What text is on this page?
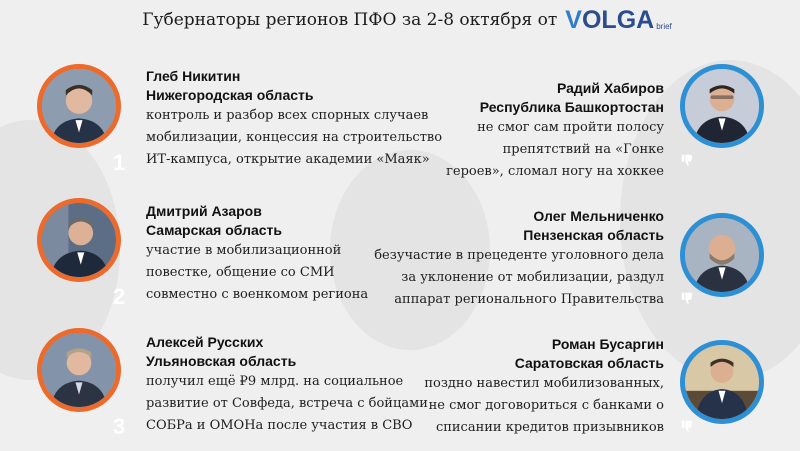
Губернаторы регионов ПФО за 2-8 октября от VOLGA brief
1
2
3
Глеб Никитин
Нижегородская область
контроль и разбор всех спорных случаев
мобилизации, концессия на строительство
ИТ-кампуса, открытие академии «Маяк»
Дмитрий Азаров
Самарская область
участие в мобилизационной
повестке, общение со СМИ
совместно с военкомом региона
Алексей Русских
Ульяновская область
получил ещё ₽9 млрд. на социальное
развитие от Совфеда, встреча с бойцами
СОБРа и ОМОНа после участия в СВО
Радий Хабиров
Республика Башкортостан
не смог сам пройти полосу
препятствий на «Гонке
героев», сломал ногу на хоккее
Олег Мельниченко
Пензенская область
безучастие в прецеденте уголовного дела
за уклонение от мобилизации, раздул
аппарат регионального Правительства
Роман Бусаргин
Саратовская область
поздно навестил мобилизованных,
не смог договориться с банками о
списании кредитов призывников
